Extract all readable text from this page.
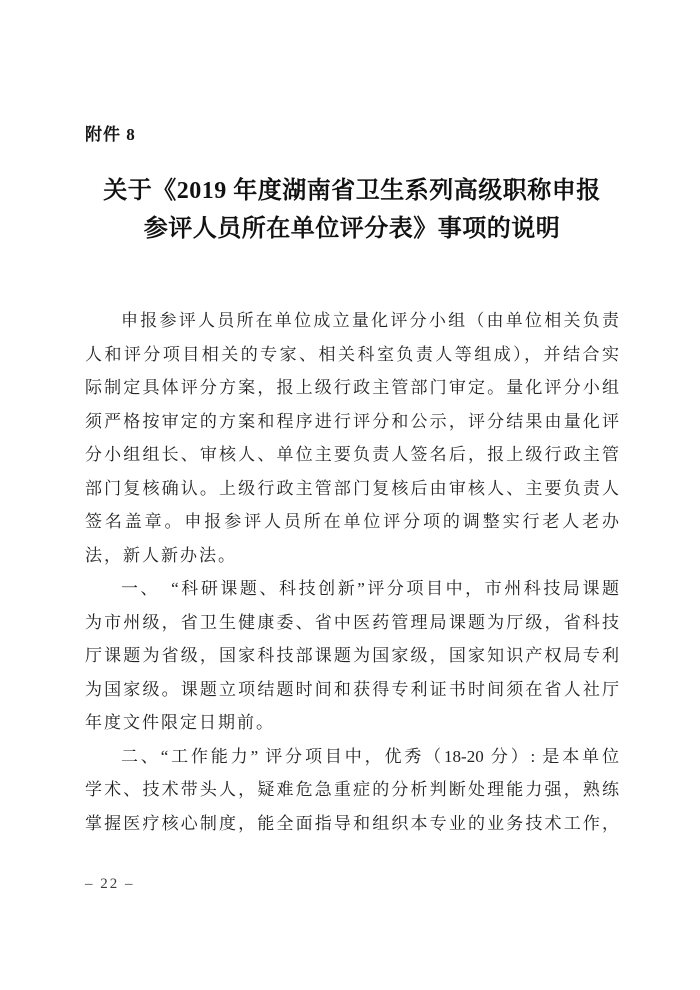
附件 8
关于《2019 年度湖南省卫生系列高级职称申报
参评人员所在单位评分表》事项的说明
申报参评人员所在单位成立量化评分小组（由单位相关负责
人和评分项目相关的专家、相关科室负责人等组成），并结合实
际制定具体评分方案，报上级行政主管部门审定。量化评分小组
须严格按审定的方案和程序进行评分和公示，评分结果由量化评
分小组组长、审核人、单位主要负责人签名后，报上级行政主管
部门复核确认。上级行政主管部门复核后由审核人、主要负责人
签名盖章。申报参评人员所在单位评分项的调整实行老人老办
法，新人新办法。
一、　“科研课题、科技创新”评分项目中，市州科技局课题
为市州级，省卫生健康委、省中医药管理局课题为厅级，省科技
厅课题为省级，国家科技部课题为国家级，国家知识产权局专利
为国家级。课题立项结题时间和获得专利证书时间须在省人社厅
年度文件限定日期前。
二、“工作能力” 评分项目中，优秀（18-20 分）: 是本单位
学术、技术带头人，疑难危急重症的分析判断处理能力强，熟练
掌握医疗核心制度，能全面指导和组织本专业的业务技术工作，
– 22 –
